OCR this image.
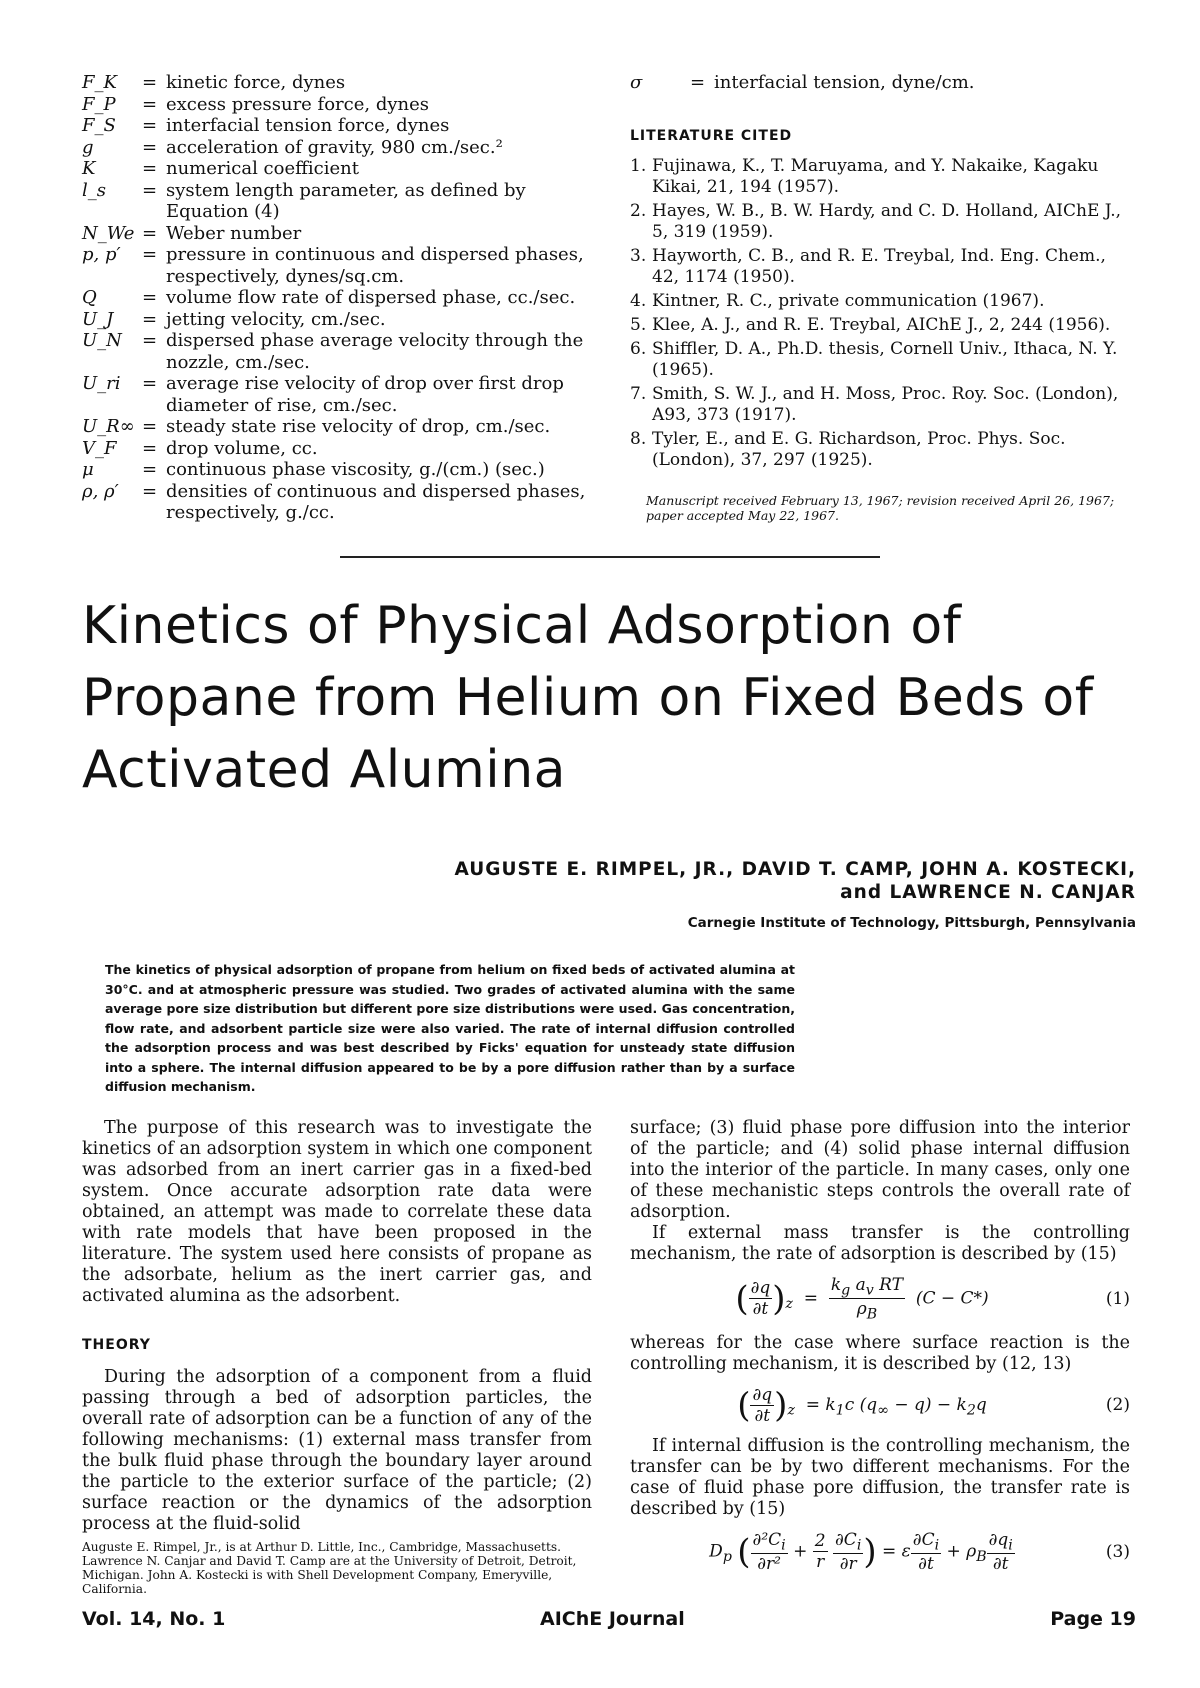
F_K	= kinetic force, dynes
F_P	= excess pressure force, dynes
F_S	= interfacial tension force, dynes
g	= acceleration of gravity, 980 cm./sec.²
K	= numerical coefficient
l_s	= system length parameter, as defined by Equation (4)
N_We = Weber number
p, p′	= pressure in continuous and dispersed phases, respectively, dynes/sq.cm.
Q	= volume flow rate of dispersed phase, cc./sec.
U_J	= jetting velocity, cm./sec.
U_N	= dispersed phase average velocity through the nozzle, cm./sec.
U_ri	= average rise velocity of drop over first drop diameter of rise, cm./sec.
U_R∞ = steady state rise velocity of drop, cm./sec.
V_F	= drop volume, cc.
μ	= continuous phase viscosity, g./(cm.) (sec.)
ρ, ρ′	= densities of continuous and dispersed phases, respectively, g./cc.
σ	= interfacial tension, dyne/cm.
LITERATURE CITED
1. Fujinawa, K., T. Maruyama, and Y. Nakaike, Kagaku Kikai, 21, 194 (1957).
2. Hayes, W. B., B. W. Hardy, and C. D. Holland, AIChE J., 5, 319 (1959).
3. Hayworth, C. B., and R. E. Treybal, Ind. Eng. Chem., 42, 1174 (1950).
4. Kintner, R. C., private communication (1967).
5. Klee, A. J., and R. E. Treybal, AIChE J., 2, 244 (1956).
6. Shiffler, D. A., Ph.D. thesis, Cornell Univ., Ithaca, N. Y. (1965).
7. Smith, S. W. J., and H. Moss, Proc. Roy. Soc. (London), A93, 373 (1917).
8. Tyler, E., and E. G. Richardson, Proc. Phys. Soc. (London), 37, 297 (1925).
Manuscript received February 13, 1967; revision received April 26, 1967; paper accepted May 22, 1967.
Kinetics of Physical Adsorption of Propane from Helium on Fixed Beds of Activated Alumina
AUGUSTE E. RIMPEL, JR., DAVID T. CAMP, JOHN A. KOSTECKI,
and LAWRENCE N. CANJAR
Carnegie Institute of Technology, Pittsburgh, Pennsylvania

The kinetics of physical adsorption of propane from helium on fixed beds of activated alumina at 30°C. and at atmospheric pressure was studied. Two grades of activated alumina with the same average pore size distribution but different pore size distributions were used. Gas concentration, flow rate, and adsorbent particle size were also varied. The rate of internal diffusion controlled the adsorption process and was best described by Ficks' equation for unsteady state diffusion into a sphere. The internal diffusion appeared to be by a pore diffusion rather than by a surface diffusion mechanism.

The purpose of this research was to investigate the kinetics of an adsorption system in which one component was adsorbed from an inert carrier gas in a fixed-bed system. Once accurate adsorption rate data were obtained, an attempt was made to correlate these data with rate models that have been proposed in the literature. The system used here consists of propane as the adsorbate, helium as the inert carrier gas, and activated alumina as the adsorbent.

THEORY

During the adsorption of a component from a fluid passing through a bed of adsorption particles, the overall rate of adsorption can be a function of any of the following mechanisms: (1) external mass transfer from the bulk fluid phase through the boundary layer around the particle to the exterior surface of the particle; (2) surface reaction or the dynamics of the adsorption process at the fluid-solid

surface; (3) fluid phase pore diffusion into the interior of the particle; and (4) solid phase internal diffusion into the interior of the particle. In many cases, only one of these mechanistic steps controls the overall rate of adsorption.

If external mass transfer is the controlling mechanism, the rate of adsorption is described by (15)

( $\frac{\partial q}{\partial t} )_z = \frac{k_g a_v RT}{\rho_B} (C - C*)$	(1)

whereas for the case where surface reaction is the controlling mechanism, it is described by (12, 13)

( $\frac{\partial q}{\partial t} )_z = k_1c$ $(q_\infty - q) - k_2q$	(2)

If internal diffusion is the controlling mechanism, the transfer can be by two different mechanisms. For the case of fluid phase pore diffusion, the transfer rate is described by (15)

$D_p$ ( $\frac{\partial^2C_i}{\text{∂r²}} + \frac{2}{r}$
$\frac{\partial C_i}{\partial r}$ ) = ε $\frac{\partial C_i}{\partial t} + \rho_B \frac{\partial q_i}{\partial t}$	(3)
Auguste E. Rimpel, Jr., is at Arthur D. Little, Inc., Cambridge, Massachusetts. Lawrence N. Canjar and David T. Camp are at the University of Detroit, Detroit, Michigan. John A. Kostecki is with Shell Development Company, Emeryville, California.
Vol. 14, No. 1	AIChE Journal	Page 19
